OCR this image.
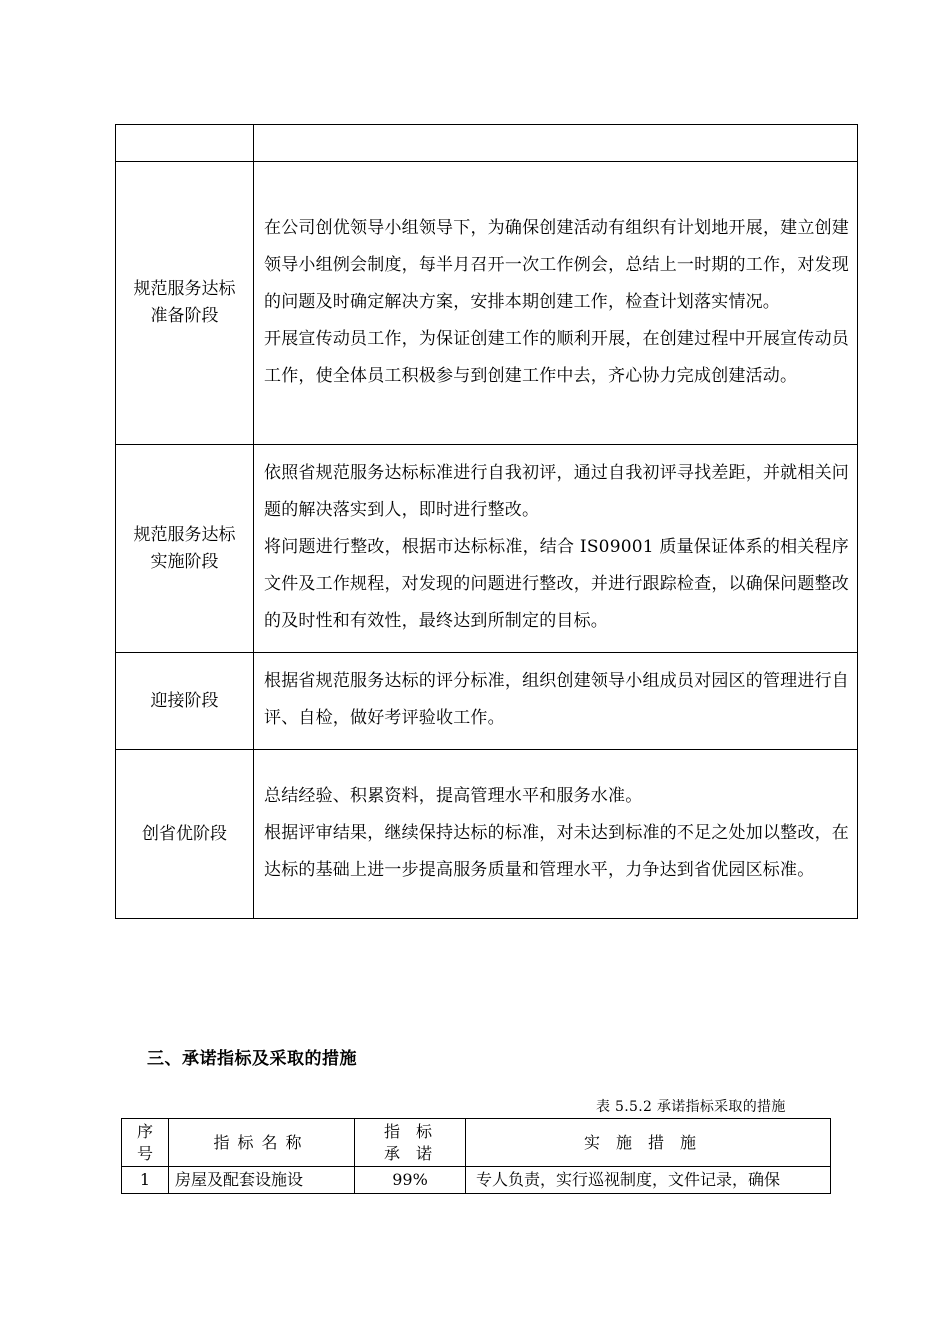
规范服务达标准备阶段	在公司创优领导小组领导下，为确保创建活动有组织有计划地开展，建立创建领导小组例会制度，每半月召开一次工作例会，总结上一时期的工作，对发现的问题及时确定解决方案，安排本期创建工作，检查计划落实情况。

开展宣传动员工作，为保证创建工作的顺利开展，在创建过程中开展宣传动员工作，使全体员工积极参与到创建工作中去，齐心协力完成创建活动。

规范服务达标实施阶段	依照省规范服务达标标准进行自我初评，通过自我初评寻找差距，并就相关问题的解决落实到人，即时进行整改。

将问题进行整改，根据市达标标准，结合 IS09001 质量保证体系的相关程序文件及工作规程，对发现的问题进行整改，并进行跟踪检查，以确保问题整改的及时性和有效性，最终达到所制定的目标。

迎接阶段	根据省规范服务达标的评分标准，组织创建领导小组成员对园区的管理进行自评、自检，做好考评验收工作。

创省优阶段	总结经验、积累资料，提高管理水平和服务水准。

根据评审结果，继续保持达标的标准，对未达到标准的不足之处加以整改，在达标的基础上进一步提高服务质量和管理水平，力争达到省优园区标准。

三、承诺指标及采取的措施
表 5.5.2 承诺指标采取的措施
序号	指标名称	指标承诺	实施措施
1	房屋及配套设施设	99%	专人负责，实行巡视制度，文件记录，确保
